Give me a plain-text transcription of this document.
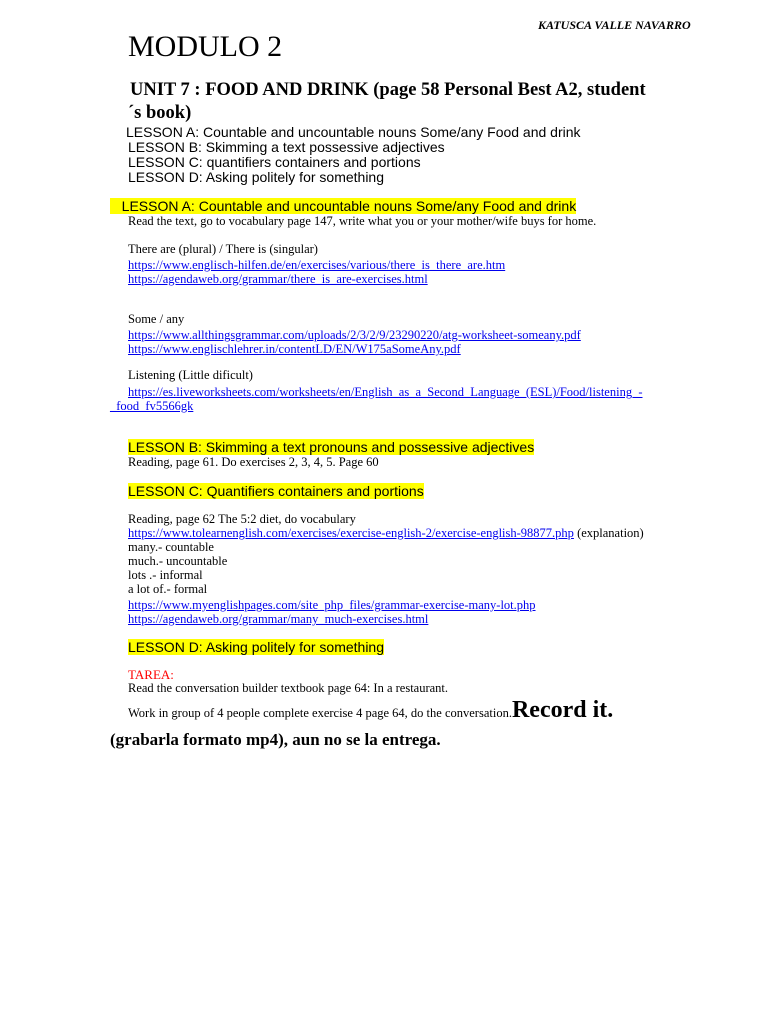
KATUSCA VALLE NAVARRO
MODULO 2
UNIT 7 : FOOD AND DRINK (page 58 Personal Best A2, student
´s book)
LESSON A: Countable and uncountable nouns Some/any Food and drink
LESSON B: Skimming a text possessive adjectives
LESSON C: quantifiers containers and portions
LESSON D: Asking politely for something
LESSON A: Countable and uncountable nouns Some/any Food and drink
Read the text, go to vocabulary page 147, write what you or your mother/wife buys for home.
There are (plural) / There is (singular)
https://www.englisch-hilfen.de/en/exercises/various/there_is_there_are.htm
https://agendaweb.org/grammar/there_is_are-exercises.html
Some / any
https://www.allthingsgrammar.com/uploads/2/3/2/9/23290220/atg-worksheet-someany.pdf
https://www.englischlehrer.in/contentLD/EN/W175aSomeAny.pdf
Listening (Little dificult)
https://es.liveworksheets.com/worksheets/en/English_as_a_Second_Language_(ESL)/Food/listening_-
_food_fv5566gk
LESSON B: Skimming a text pronouns and possessive adjectives
Reading, page 61. Do exercises 2, 3, 4, 5. Page 60
LESSON C: Quantifiers containers and portions
Reading, page 62 The 5:2 diet, do vocabulary
https://www.tolearnenglish.com/exercises/exercise-english-2/exercise-english-98877.php (explanation)
many.- countable
much.- uncountable
lots .- informal
a lot of.- formal
https://www.myenglishpages.com/site_php_files/grammar-exercise-many-lot.php
https://agendaweb.org/grammar/many_much-exercises.html
LESSON D: Asking politely for something
TAREA:
Read the conversation builder textbook page 64: In a restaurant.
Work in group of 4 people complete exercise 4 page 64, do the conversation.Record it.
(grabarla formato mp4), aun no se la entrega.
